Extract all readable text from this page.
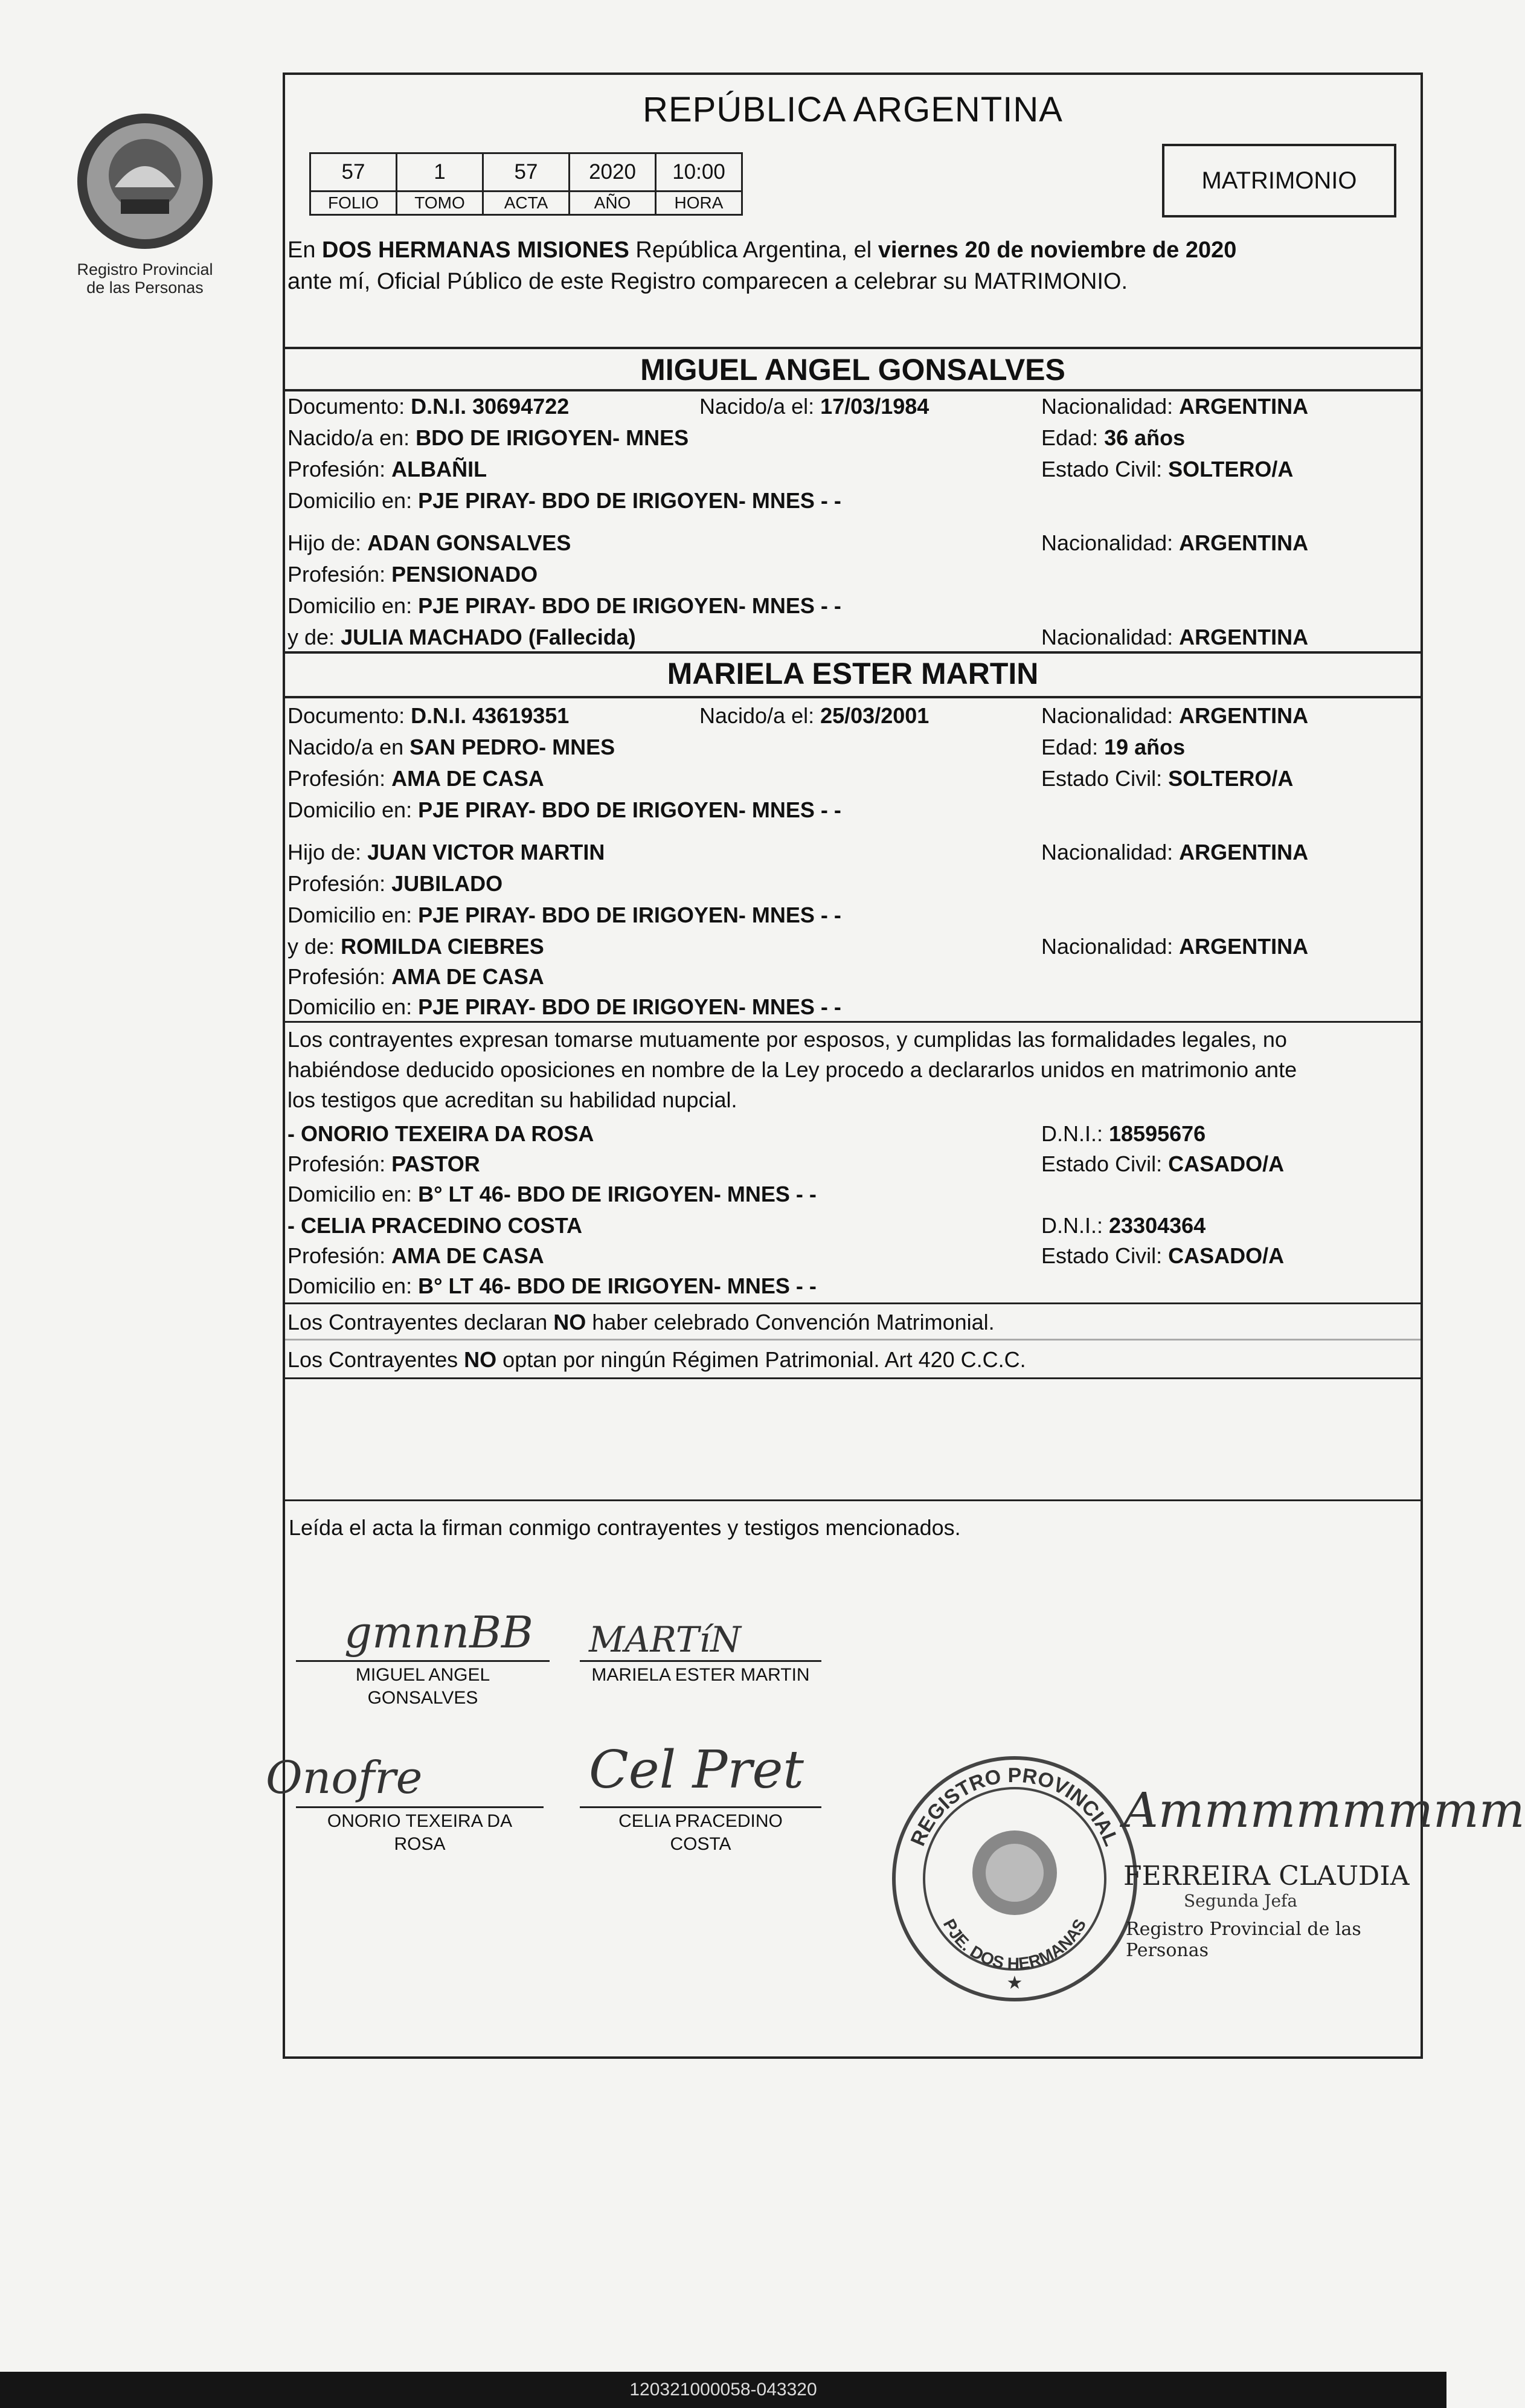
Registro Provincial de las Personas
REPÚBLICA ARGENTINA
57	1	57	2020	10:00
FOLIO	TOMO	ACTA	AÑO	HORA
MATRIMONIO
En DOS HERMANAS MISIONES República Argentina, el viernes 20 de noviembre de 2020
ante mí, Oficial Público de este Registro comparecen a celebrar su MATRIMONIO.
MIGUEL ANGEL GONSALVES
Documento: D.N.I. 30694722	Nacido/a el: 17/03/1984	Nacionalidad: ARGENTINA
Nacido/a en: BDO DE IRIGOYEN- MNES	Edad: 36 años
Profesión: ALBAÑIL	Estado Civil: SOLTERO/A
Domicilio en: PJE PIRAY- BDO DE IRIGOYEN- MNES - -
Hijo de: ADAN GONSALVES	Nacionalidad: ARGENTINA
Profesión: PENSIONADO
Domicilio en: PJE PIRAY- BDO DE IRIGOYEN- MNES - -
y de: JULIA MACHADO (Fallecida)	Nacionalidad: ARGENTINA
MARIELA ESTER MARTIN
Documento: D.N.I. 43619351	Nacido/a el: 25/03/2001	Nacionalidad: ARGENTINA
Nacido/a en SAN PEDRO- MNES	Edad: 19 años
Profesión: AMA DE CASA	Estado Civil: SOLTERO/A
Domicilio en: PJE PIRAY- BDO DE IRIGOYEN- MNES - -
Hijo de: JUAN VICTOR MARTIN	Nacionalidad: ARGENTINA
Profesión: JUBILADO
Domicilio en: PJE PIRAY- BDO DE IRIGOYEN- MNES - -
y de: ROMILDA CIEBRES	Nacionalidad: ARGENTINA
Profesión: AMA DE CASA
Domicilio en: PJE PIRAY- BDO DE IRIGOYEN- MNES - -
Los contrayentes expresan tomarse mutuamente por esposos, y cumplidas las formalidades legales, no
habiéndose deducido oposiciones en nombre de la Ley procedo a declararlos unidos en matrimonio ante
los testigos que acreditan su habilidad nupcial.
- ONORIO TEXEIRA DA ROSA	D.N.I.: 18595676
Profesión: PASTOR	Estado Civil: CASADO/A
Domicilio en: B° LT 46- BDO DE IRIGOYEN- MNES - -
- CELIA PRACEDINO COSTA	D.N.I.: 23304364
Profesión: AMA DE CASA	Estado Civil: CASADO/A
Domicilio en: B° LT 46- BDO DE IRIGOYEN- MNES - -
Los Contrayentes declaran NO haber celebrado Convención Matrimonial.
Los Contrayentes NO optan por ningún Régimen Patrimonial. Art 420 C.C.C.
Leída el acta la firman conmigo contrayentes y testigos mencionados.
gmnnBB
MIGUEL ANGEL
GONSALVES
MARTíN
MARIELA ESTER MARTIN
Onofre
ONORIO TEXEIRA DA
ROSA
Cel Pret
CELIA PRACEDINO
COSTA	REGISTRO PROVINCIAL
PJE. DOS HERMANAS
★
Ammmmmmmm
FERREIRA CLAUDIA
Segunda Jefa
Registro Provincial de las Personas
120321000058-043320
